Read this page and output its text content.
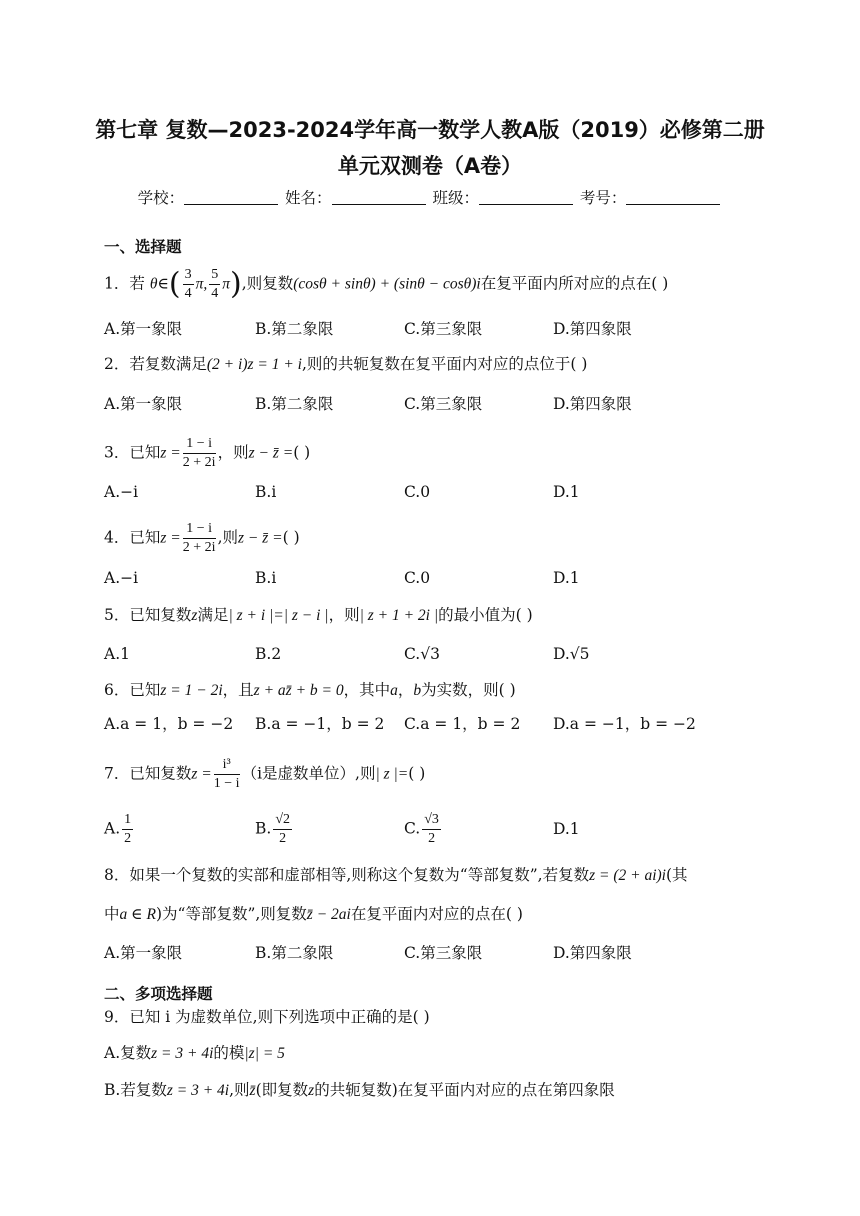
第七章 复数—2023-2024学年高一数学人教A版（2019）必修第二册
单元双测卷（A卷）
学校：	姓名：	班级：	考号：
一、选择题
1．若 θ∈( $\frac{3}{4} \pi$, $\frac{5}{4} \pi$),则复数(cosθ + sinθ) + (sinθ − cosθ)i在复平面内所对应的点在( )
A.第一象限	B.第二象限	C.第三象限	D.第四象限
2．若复数满足(2 + i)z = 1 + i,则的共轭复数在复平面内对应的点位于( )
A.第一象限	B.第二象限	C.第三象限	D.第四象限
3．已知$z = \frac{1 - i}{2 + 2i}$ ，则z − z̄ =( )
A.−i	B.i	C.0	D.1
4．已知$z = \frac{1 - i}{2 + 2i}$ ,则z − z̄ =( )
A.−i	B.i	C.0	D.1
5．已知复数z满足| z + i |=| z − i |，则| z + 1 + 2i |的最小值为( )
A.1	B.2	C.√3	D.√5
6．已知z = 1 − 2i，且z + az̄ + b = 0，其中a，b为实数，则( )
A.a = 1，b = −2 B.a = −1，b = 2 C.a = 1，b = 2 D.a = −1，b = −2
7．已知复数$z = \frac{\text{i³}}{1 - i} (i$是虚数单位）,则| z |=( )
A. $\frac{1}{2}$	B. $\frac{√2}{2}$	C. $\frac{√3}{2}$	D.1
8．如果一个复数的实部和虚部相等,则称这个复数为“等部复数”,若复数z = (2 + ai)i(其
中a ∈ R)为“等部复数”,则复数z̄ − 2ai在复平面内对应的点在( )
A.第一象限	B.第二象限	C.第三象限	D.第四象限
二、多项选择题
9．已知 i 为虚数单位,则下列选项中正确的是( )
A.复数z = 3 + 4i的模|z| = 5
B.若复数z = 3 + 4i,则z̄(即复数z的共轭复数)在复平面内对应的点在第四象限
